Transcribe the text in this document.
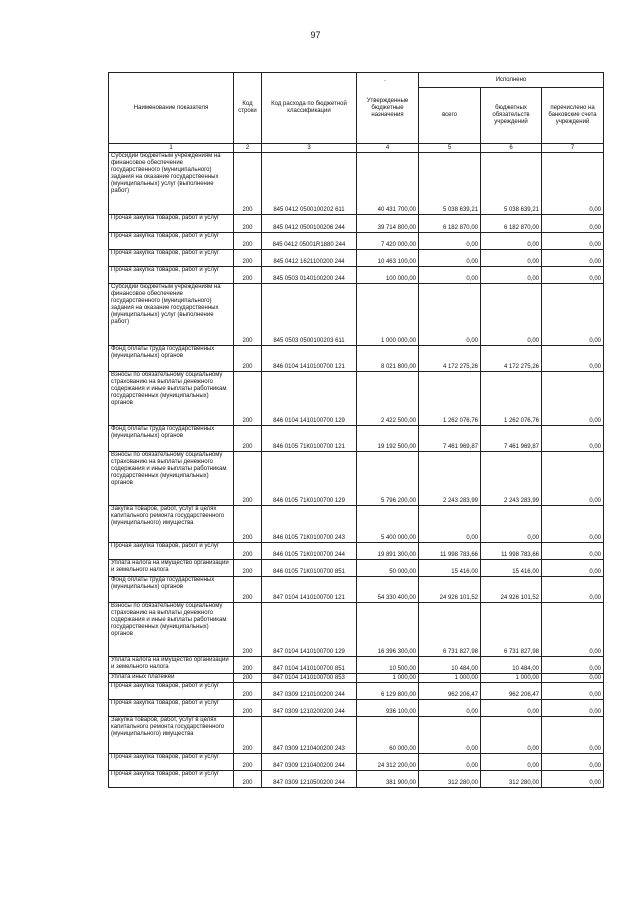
97
.
Наименование показателя	Код строки	Код расхода по бюджетной классификации	Утвержденные бюджетные назначения	Исполнено		
				всего	бюджетных обязательств учреждений	перечислено на банковские счета учреждений
1	2	3	4	5	6	7
Субсидии бюджетным учреждениям на финансовое обеспечение государственного (муниципального) задания на оказание государственных (муниципальных) услуг (выполнение работ)	200	845 0412 0500100202 611	40 431 700,00	5 038 639,21	5 038 639,21	0,00
Прочая закупка товаров, работ и услуг	200	845 0412 0500100206 244	39 714 800,00	6 182 870,00	6 182 870,00	0,00
Прочая закупка товаров, работ и услуг	200	845 0412 05001R1880 244	7 420 000,00	0,00	0,00	0,00
Прочая закупка товаров, работ и услуг	200	845 0412 1621100200 244	10 463 100,00	0,00	0,00	0,00
Прочая закупка товаров, работ и услуг	200	845 0503 0140100200 244	100 000,00	0,00	0,00	0,00
Субсидии бюджетным учреждениям на финансовое обеспечение государственного (муниципального) задания на оказание государственных (муниципальных) услуг (выполнение работ)	200	845 0503 0500100203 611	1 000 000,00	0,00	0,00	0,00
Фонд оплаты труда государственных (муниципальных) органов	200	846 0104 1410100700 121	8 021 800,00	4 172 275,26	4 172 275,26	0,00
Взносы по обязательному социальному страхованию на выплаты денежного содержания и иные выплаты работникам государственных (муниципальных) органов	200	846 0104 1410100700 129	2 422 500,00	1 262 076,76	1 262 076,76	0,00
Фонд оплаты труда государственных (муниципальных) органов	200	846 0105 71К0100700 121	19 192 500,00	7 461 969,87	7 461 969,87	0,00
Взносы по обязательному социальному страхованию на выплаты денежного содержания и иные выплаты работникам государственных (муниципальных) органов	200	846 0105 71К0100700 129	5 796 200,00	2 243 283,99	2 243 283,99	0,00
Закупка товаров, работ, услуг в целях капитального ремонта государственного (муниципального) имущества	200	846 0105 71К0100700 243	5 400 000,00	0,00	0,00	0,00
Прочая закупка товаров, работ и услуг	200	846 0105 71К0100700 244	19 891 300,00	11 998 783,66	11 998 783,66	0,00
Уплата налога на имущество организаций и земельного налога	200	846 0105 71К0100700 851	50 000,00	15 416,00	15 416,00	0,00
Фонд оплаты труда государственных (муниципальных) органов	200	847 0104 1410100700 121	54 330 400,00	24 926 101,52	24 926 101,52	0,00
Взносы по обязательному социальному страхованию на выплаты денежного содержания и иные выплаты работникам государственных (муниципальных) органов	200	847 0104 1410100700 129	16 396 300,00	6 731 827,98	6 731 827,98	0,00
Уплата налога на имущество организаций и земельного налога	200	847 0104 1410100700 851	10 500,00	10 484,00	10 484,00	0,00
Уплата иных платежей	200	847 0104 1410100700 853	1 000,00	1 000,00	1 000,00	0,00
Прочая закупка товаров, работ и услуг	200	847 0309 1210100200 244	6 129 800,00	962 206,47	962 206,47	0,00
Прочая закупка товаров, работ и услуг	200	847 0309 1210200200 244	936 100,00	0,00	0,00	0,00
Закупка товаров, работ, услуг в целях капитального ремонта государственного (муниципального) имущества	200	847 0309 1210400200 243	60 000,00	0,00	0,00	0,00
Прочая закупка товаров, работ и услуг	200	847 0309 1210400200 244	24 312 200,00	0,00	0,00	0,00
Прочая закупка товаров, работ и услуг	200	847 0309 1210500200 244	381 900,00	312 280,00	312 280,00	0,00
